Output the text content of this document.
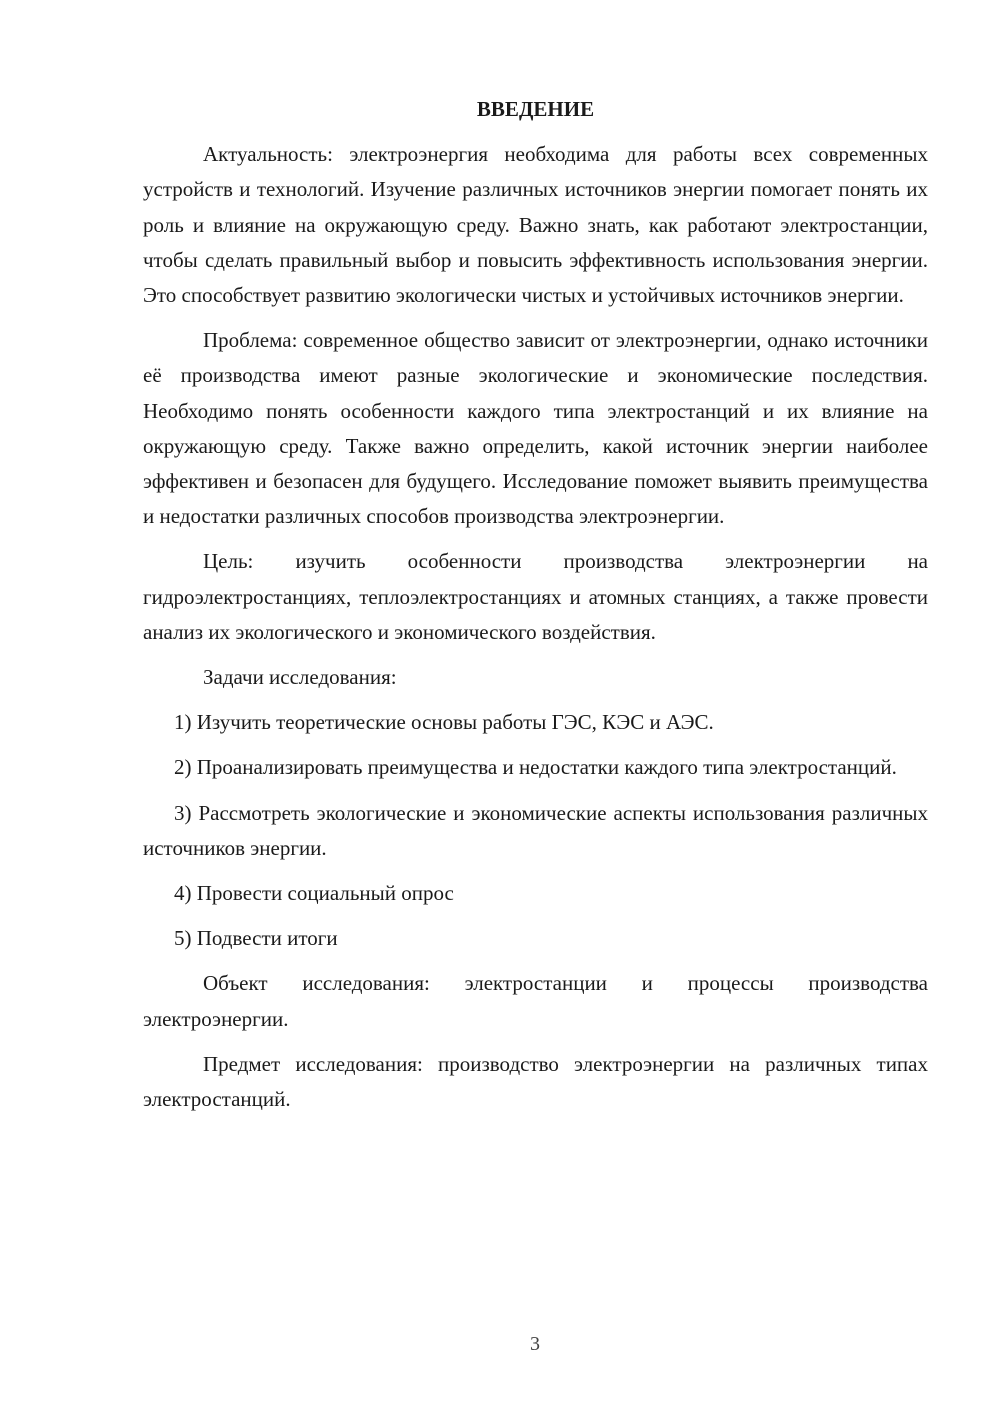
ВВЕДЕНИЕ

Актуальность: электроэнергия необходима для работы всех современных устройств и технологий. Изучение различных источников энергии помогает понять их роль и влияние на окружающую среду. Важно знать, как работают электростанции, чтобы сделать правильный выбор и повысить эффективность использования энергии. Это способствует развитию экологически чистых и устойчивых источников энергии.

Проблема: современное общество зависит от электроэнергии, однако источники её производства имеют разные экологические и экономические последствия. Необходимо понять особенности каждого типа электростанций и их влияние на окружающую среду. Также важно определить, какой источник энергии наиболее эффективен и безопасен для будущего. Исследование поможет выявить преимущества и недостатки различных способов производства электроэнергии.

Цель: изучить особенности производства электроэнергии на гидроэлектростанциях, теплоэлектростанциях и атомных станциях, а также провести анализ их экологического и экономического воздействия.

Задачи исследования:

1) Изучить теоретические основы работы ГЭС, КЭС и АЭС.

2) Проанализировать преимущества и недостатки каждого типа электростанций.

3) Рассмотреть экологические и экономические аспекты использования различных источников энергии.

4) Провести социальный опрос

5) Подвести итоги

Объект исследования: электростанции и процессы производства электроэнергии.

Предмет исследования: производство электроэнергии на различных типах электростанций.

3
